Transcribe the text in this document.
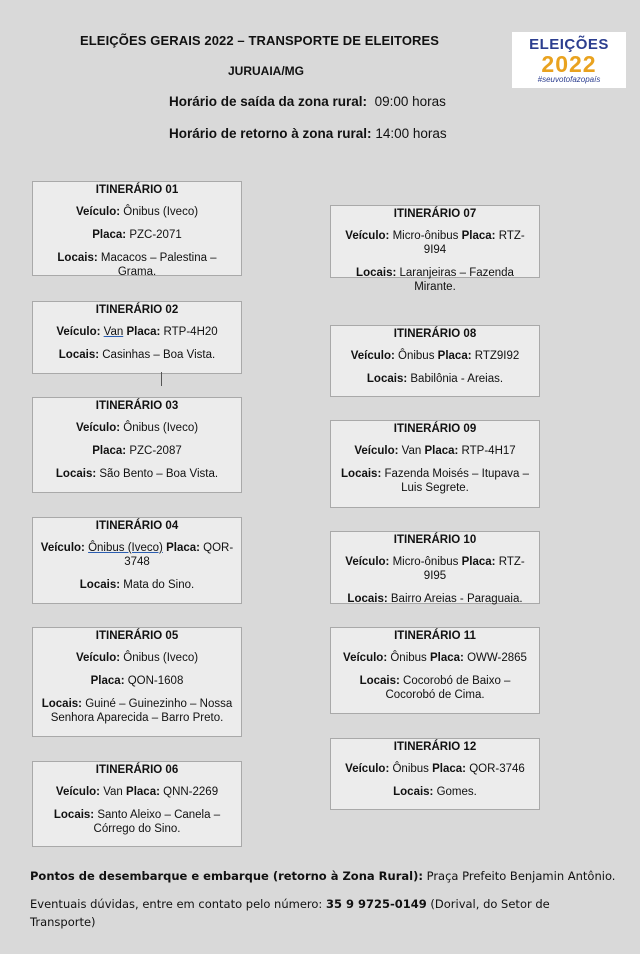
ELEIÇÕES GERAIS 2022 – TRANSPORTE DE ELEITORES
JURUAIA/MG
Horário de saída da zona rural: 09:00 horas
Horário de retorno à zona rural: 14:00 horas
ELEIÇÕES
2022
#seuvotofazopaís
ITINERÁRIO 01

Veículo: Ônibus (Iveco)

Placa: PZC-2071

Locais: Macacos – Palestina – Grama.

ITINERÁRIO 02

Veículo: Van Placa: RTP-4H20

Locais: Casinhas – Boa Vista.

ITINERÁRIO 03

Veículo: Ônibus (Iveco)

Placa: PZC-2087

Locais: São Bento – Boa Vista.

ITINERÁRIO 04

Veículo: Ônibus (Iveco) Placa: QOR-3748

Locais: Mata do Sino.

ITINERÁRIO 05

Veículo: Ônibus (Iveco)

Placa: QON-1608

Locais: Guiné – Guinezinho – Nossa Senhora Aparecida – Barro Preto.

ITINERÁRIO 06

Veículo: Van Placa: QNN-2269

Locais: Santo Aleixo – Canela – Córrego do Sino.

ITINERÁRIO 07

Veículo: Micro-ônibus Placa: RTZ-9I94

Locais: Laranjeiras – Fazenda Mirante.

ITINERÁRIO 08

Veículo: Ônibus Placa: RTZ9I92

Locais: Babilônia - Areias.

ITINERÁRIO 09

Veículo: Van Placa: RTP-4H17

Locais: Fazenda Moisés – Itupava – Luis Segrete.

ITINERÁRIO 10

Veículo: Micro-ônibus Placa: RTZ-9I95

Locais: Bairro Areias - Paraguaia.

ITINERÁRIO 11

Veículo: Ônibus Placa: OWW-2865

Locais: Cocorobó de Baixo – Cocorobó de Cima.

ITINERÁRIO 12

Veículo: Ônibus Placa: QOR-3746

Locais: Gomes.

Pontos de desembarque e embarque (retorno à Zona Rural): Praça Prefeito Benjamin Antônio.
Eventuais dúvidas, entre em contato pelo número: 35 9 9725-0149 (Dorival, do Setor de Transporte)
